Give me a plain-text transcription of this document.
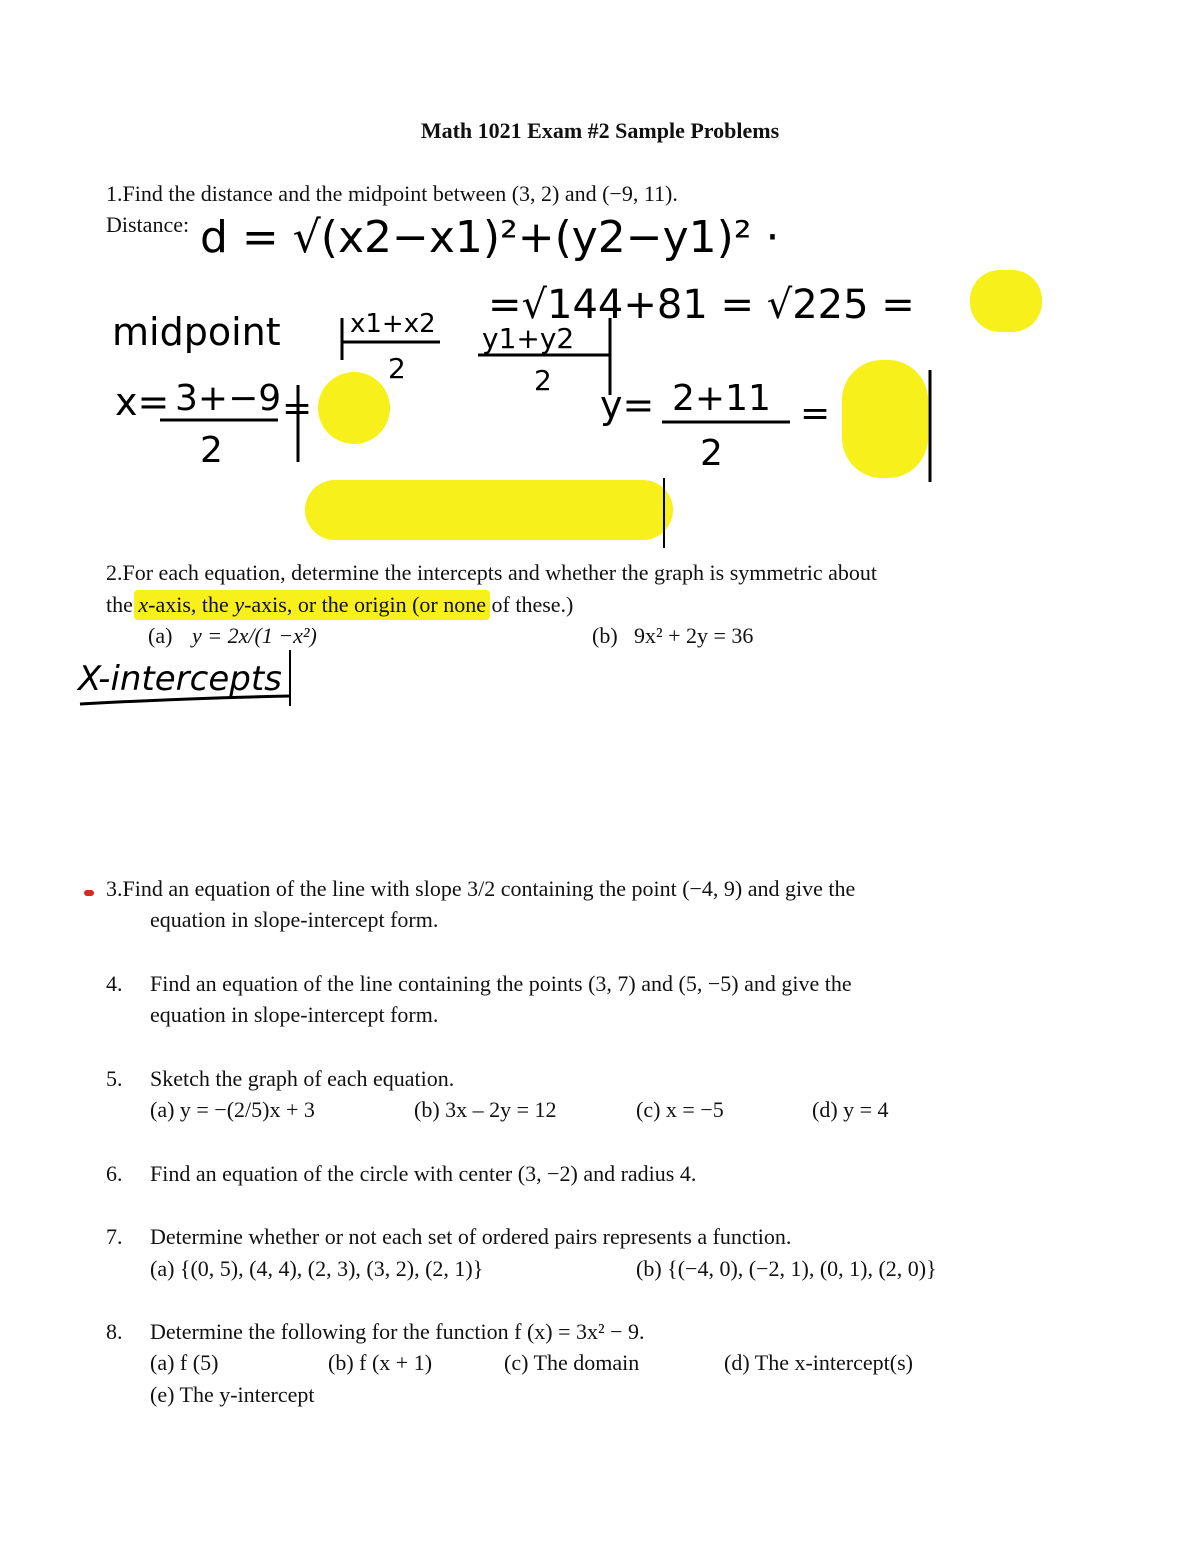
Math 1021 Exam #2 Sample Problems
1.Find the distance and the midpoint between (3, 2) and (−9, 11).
Distance: d = √(x2−x1)²+(y2−y1)² ·
=√144+81 = √225 =
midpoint	x1+x2
2
y1+y2
2
x= 3+−9
2
=	y= 2+11
2
=
X-intercepts
2.For each equation, determine the intercepts and whether the graph is symmetric about
the x-axis, the y-axis, or the origin (or none of these.)
(a) y = 2x/(1 −x²)	(b) 9x² + 2y = 36
3.Find an equation of the line with slope 3/2 containing the point (−4, 9) and give the
equation in slope-intercept form.
4. Find an equation of the line containing the points (3, 7) and (5, −5) and give the
equation in slope-intercept form.
5. Sketch the graph of each equation.
(a) y = −(2/5)x + 3	(b) 3x – 2y = 12	(c) x = −5	(d) y = 4
6. Find an equation of the circle with center (3, −2) and radius 4.
7. Determine whether or not each set of ordered pairs represents a function.
(a) {(0, 5), (4, 4), (2, 3), (3, 2), (2, 1)}	(b) {(−4, 0), (−2, 1), (0, 1), (2, 0)}
8. Determine the following for the function f (x) = 3x² − 9.
(a) f (5)	(b) f (x + 1)	(c) The domain	(d) The x-intercept(s)
(e) The y-intercept
